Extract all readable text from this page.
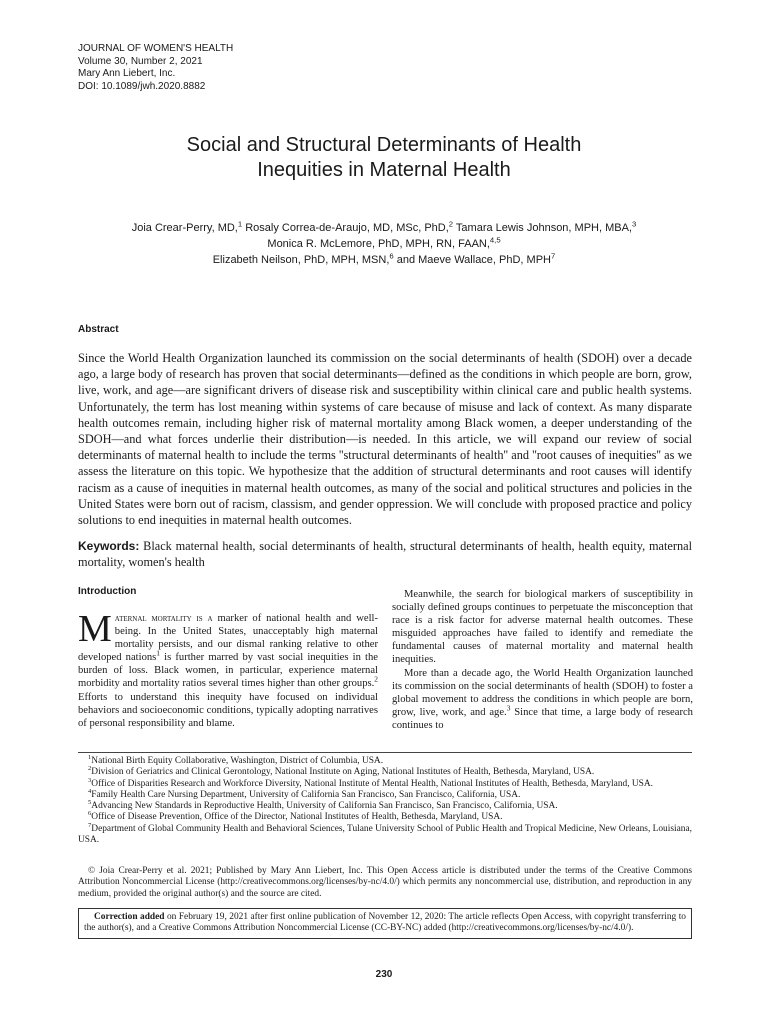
JOURNAL OF WOMEN'S HEALTH
Volume 30, Number 2, 2021
Mary Ann Liebert, Inc.
DOI: 10.1089/jwh.2020.8882
Social and Structural Determinants of Health
Inequities in Maternal Health
Joia Crear-Perry, MD,$^1$ Rosaly Correa-de-Araujo, MD, MSc, PhD,$^2$ Tamara Lewis Johnson, MPH, MBA,$^3$
Monica R. McLemore, PhD, MPH, RN, FAAN,$^{4,5}$
Elizabeth Neilson, PhD, MPH, MSN,$^6$ and Maeve Wallace, PhD, MPH$^7$
Abstract

Since the World Health Organization launched its commission on the social determinants of health (SDOH) over a decade ago, a large body of research has proven that social determinants—defined as the conditions in which people are born, grow, live, work, and age—are significant drivers of disease risk and susceptibility within clinical care and public health systems. Unfortunately, the term has lost meaning within systems of care because of misuse and lack of context. As many disparate health outcomes remain, including higher risk of maternal mortality among Black women, a deeper understanding of the SDOH—and what forces underlie their distribution—is needed. In this article, we will expand our review of social determinants of maternal health to include the terms ''structural determinants of health'' and ''root causes of inequities'' as we assess the literature on this topic. We hypothesize that the addition of structural determinants and root causes will identify racism as a cause of inequities in maternal health outcomes, as many of the social and political structures and policies in the United States were born out of racism, classism, and gender oppression. We will conclude with proposed practice and policy solutions to end inequities in maternal health outcomes.

Keywords: Black maternal health, social determinants of health, structural determinants of health, health equity, maternal mortality, women's health

Introduction

Maternal mortality is a marker of national health and well-being. In the United States, unacceptably high maternal mortality persists, and our dismal ranking relative to other developed nations$^1$ is further marred by vast social inequities in the burden of loss. Black women, in particular, experience maternal morbidity and mortality ratios several times higher than other groups.$^2$ Efforts to understand this inequity have focused on individual behaviors and socioeconomic conditions, typically adopting narratives of personal responsibility and blame.

Meanwhile, the search for biological markers of susceptibility in socially defined groups continues to perpetuate the misconception that race is a risk factor for adverse maternal health outcomes. These misguided approaches have failed to identify and remediate the fundamental causes of maternal mortality and maternal health inequities.

More than a decade ago, the World Health Organization launched its commission on the social determinants of health (SDOH) to foster a global movement to address the conditions in which people are born, grow, live, work, and age.$^3$ Since that time, a large body of research continues to

$^1$National Birth Equity Collaborative, Washington, District of Columbia, USA.
$^2$Division of Geriatrics and Clinical Gerontology, National Institute on Aging, National Institutes of Health, Bethesda, Maryland, USA.
$^3$Office of Disparities Research and Workforce Diversity, National Institute of Mental Health, National Institutes of Health, Bethesda, Maryland, USA.
$^4$Family Health Care Nursing Department, University of California San Francisco, San Francisco, California, USA.
$^5$Advancing New Standards in Reproductive Health, University of California San Francisco, San Francisco, California, USA.
$^6$Office of Disease Prevention, Office of the Director, National Institutes of Health, Bethesda, Maryland, USA.
$^7$Department of Global Community Health and Behavioral Sciences, Tulane University School of Public Health and Tropical Medicine, New Orleans, Louisiana, USA.

© Joia Crear-Perry et al. 2021; Published by Mary Ann Liebert, Inc. This Open Access article is distributed under the terms of the Creative Commons Attribution Noncommercial License (http://creativecommons.org/licenses/by-nc/4.0/) which permits any noncommercial use, distribution, and reproduction in any medium, provided the original author(s) and the source are cited.

Correction added on February 19, 2021 after first online publication of November 12, 2020: The article reflects Open Access, with copyright transferring to the author(s), and a Creative Commons Attribution Noncommercial License (CC-BY-NC) added (http://creativecommons.org/licenses/by-nc/4.0/).
230
